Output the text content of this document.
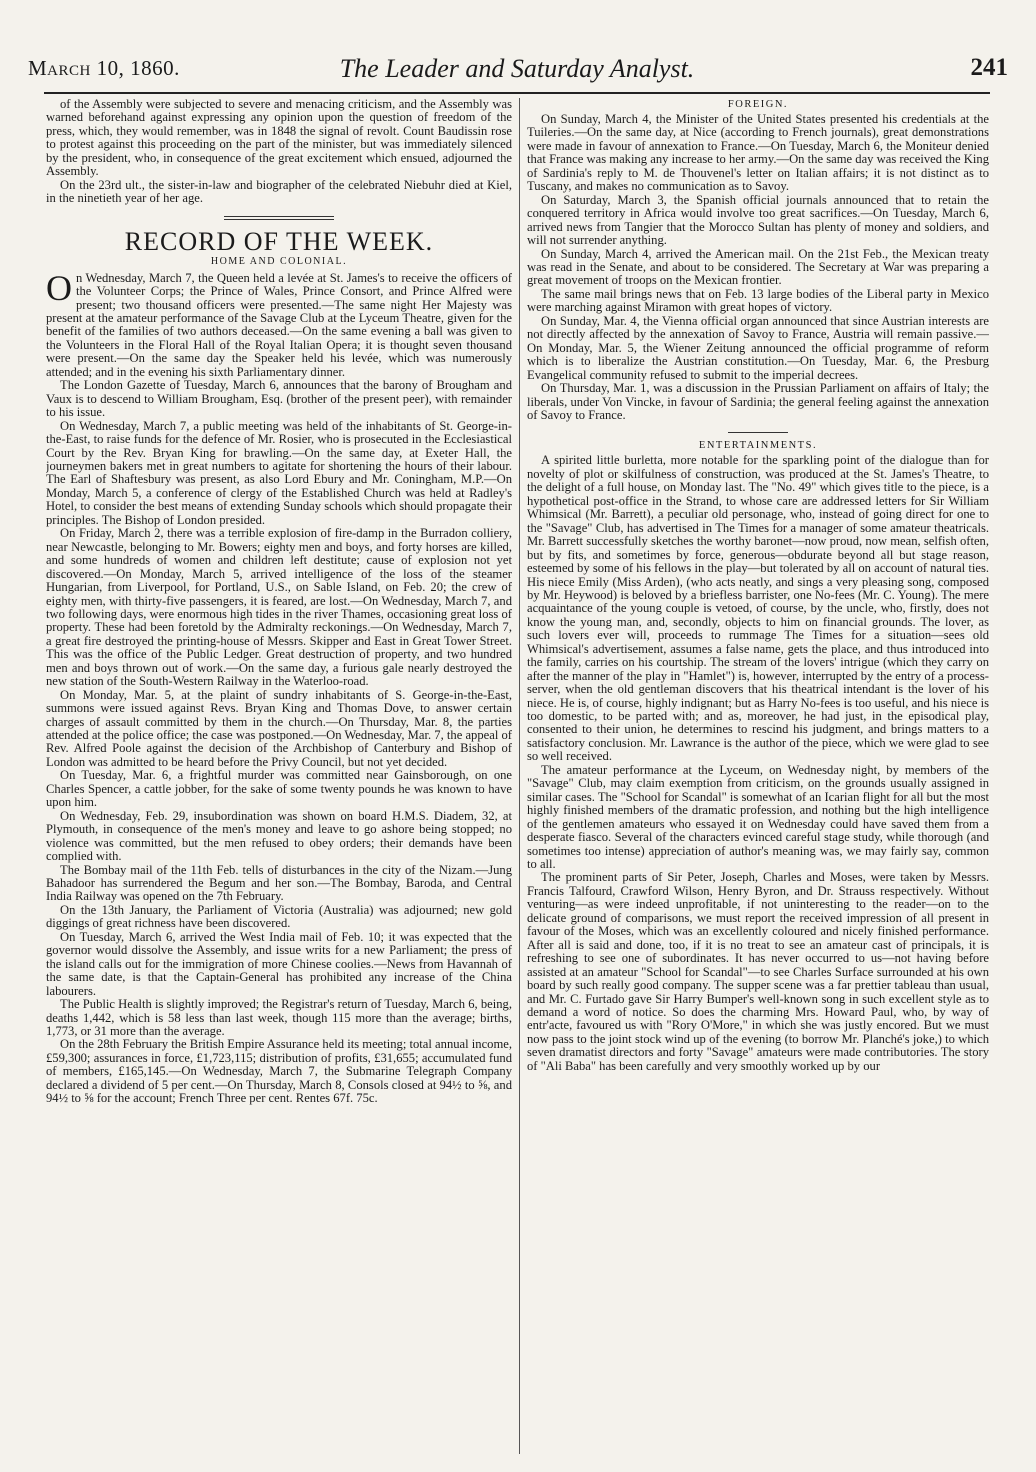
March 10, 1860.	The Leader and Saturday Analyst.	241

of the Assembly were subjected to severe and menacing criticism, and the Assembly was warned beforehand against expressing any opinion upon the question of freedom of the press, which, they would remember, was in 1848 the signal of revolt. Count Baudissin rose to protest against this proceeding on the part of the minister, but was immediately silenced by the president, who, in consequence of the great excitement which ensued, adjourned the Assembly.

On the 23rd ult., the sister-in-law and biographer of the celebrated Niebuhr died at Kiel, in the ninetieth year of her age.

RECORD OF THE WEEK.
HOME AND COLONIAL.

On Wednesday, March 7, the Queen held a levée at St. James's to receive the officers of the Volunteer Corps; the Prince of Wales, Prince Consort, and Prince Alfred were present; two thousand officers were presented.—The same night Her Majesty was present at the amateur performance of the Savage Club at the Lyceum Theatre, given for the benefit of the families of two authors deceased.—On the same evening a ball was given to the Volunteers in the Floral Hall of the Royal Italian Opera; it is thought seven thousand were present.—On the same day the Speaker held his levée, which was numerously attended; and in the evening his sixth Parliamentary dinner.

The London Gazette of Tuesday, March 6, announces that the barony of Brougham and Vaux is to descend to William Brougham, Esq. (brother of the present peer), with remainder to his issue.

On Wednesday, March 7, a public meeting was held of the inhabitants of St. George-in-the-East, to raise funds for the defence of Mr. Rosier, who is prosecuted in the Ecclesiastical Court by the Rev. Bryan King for brawling.—On the same day, at Exeter Hall, the journeymen bakers met in great numbers to agitate for shortening the hours of their labour. The Earl of Shaftesbury was present, as also Lord Ebury and Mr. Coningham, M.P.—On Monday, March 5, a conference of clergy of the Established Church was held at Radley's Hotel, to consider the best means of extending Sunday schools which should propagate their principles. The Bishop of London presided.

On Friday, March 2, there was a terrible explosion of fire-damp in the Burradon colliery, near Newcastle, belonging to Mr. Bowers; eighty men and boys, and forty horses are killed, and some hundreds of women and children left destitute; cause of explosion not yet discovered.—On Monday, March 5, arrived intelligence of the loss of the steamer Hungarian, from Liverpool, for Portland, U.S., on Sable Island, on Feb. 20; the crew of eighty men, with thirty-five passengers, it is feared, are lost.—On Wednesday, March 7, and two following days, were enormous high tides in the river Thames, occasioning great loss of property. These had been foretold by the Admiralty reckonings.—On Wednesday, March 7, a great fire destroyed the printing-house of Messrs. Skipper and East in Great Tower Street. This was the office of the Public Ledger. Great destruction of property, and two hundred men and boys thrown out of work.—On the same day, a furious gale nearly destroyed the new station of the South-Western Railway in the Waterloo-road.

On Monday, Mar. 5, at the plaint of sundry inhabitants of S. George-in-the-East, summons were issued against Revs. Bryan King and Thomas Dove, to answer certain charges of assault committed by them in the church.—On Thursday, Mar. 8, the parties attended at the police office; the case was postponed.—On Wednesday, Mar. 7, the appeal of Rev. Alfred Poole against the decision of the Archbishop of Canterbury and Bishop of London was admitted to be heard before the Privy Council, but not yet decided.

On Tuesday, Mar. 6, a frightful murder was committed near Gainsborough, on one Charles Spencer, a cattle jobber, for the sake of some twenty pounds he was known to have upon him.

On Wednesday, Feb. 29, insubordination was shown on board H.M.S. Diadem, 32, at Plymouth, in consequence of the men's money and leave to go ashore being stopped; no violence was committed, but the men refused to obey orders; their demands have been complied with.

The Bombay mail of the 11th Feb. tells of disturbances in the city of the Nizam.—Jung Bahadoor has surrendered the Begum and her son.—The Bombay, Baroda, and Central India Railway was opened on the 7th February.

On the 13th January, the Parliament of Victoria (Australia) was adjourned; new gold diggings of great richness have been discovered.

On Tuesday, March 6, arrived the West India mail of Feb. 10; it was expected that the governor would dissolve the Assembly, and issue writs for a new Parliament; the press of the island calls out for the immigration of more Chinese coolies.—News from Havannah of the same date, is that the Captain-General has prohibited any increase of the China labourers.

The Public Health is slightly improved; the Registrar's return of Tuesday, March 6, being, deaths 1,442, which is 58 less than last week, though 115 more than the average; births, 1,773, or 31 more than the average.

On the 28th February the British Empire Assurance held its meeting; total annual income, £59,300; assurances in force, £1,723,115; distribution of profits, £31,655; accumulated fund of members, £165,145.—On Wednesday, March 7, the Submarine Telegraph Company declared a dividend of 5 per cent.—On Thursday, March 8, Consols closed at 94½ to ⅝, and 94½ to ⅝ for the account; French Three per cent. Rentes 67f. 75c.

FOREIGN.

On Sunday, March 4, the Minister of the United States presented his credentials at the Tuileries.—On the same day, at Nice (according to French journals), great demonstrations were made in favour of annexation to France.—On Tuesday, March 6, the Moniteur denied that France was making any increase to her army.—On the same day was received the King of Sardinia's reply to M. de Thouvenel's letter on Italian affairs; it is not distinct as to Tuscany, and makes no communication as to Savoy.

On Saturday, March 3, the Spanish official journals announced that to retain the conquered territory in Africa would involve too great sacrifices.—On Tuesday, March 6, arrived news from Tangier that the Morocco Sultan has plenty of money and soldiers, and will not surrender anything.

On Sunday, March 4, arrived the American mail. On the 21st Feb., the Mexican treaty was read in the Senate, and about to be considered. The Secretary at War was preparing a great movement of troops on the Mexican frontier.

The same mail brings news that on Feb. 13 large bodies of the Liberal party in Mexico were marching against Miramon with great hopes of victory.

On Sunday, Mar. 4, the Vienna official organ announced that since Austrian interests are not directly affected by the annexation of Savoy to France, Austria will remain passive.—On Monday, Mar. 5, the Wiener Zeitung announced the official programme of reform which is to liberalize the Austrian constitution.—On Tuesday, Mar. 6, the Presburg Evangelical community refused to submit to the imperial decrees.

On Thursday, Mar. 1, was a discussion in the Prussian Parliament on affairs of Italy; the liberals, under Von Vincke, in favour of Sardinia; the general feeling against the annexation of Savoy to France.

ENTERTAINMENTS.

A spirited little burletta, more notable for the sparkling point of the dialogue than for novelty of plot or skilfulness of construction, was produced at the St. James's Theatre, to the delight of a full house, on Monday last. The "No. 49" which gives title to the piece, is a hypothetical post-office in the Strand, to whose care are addressed letters for Sir William Whimsical (Mr. Barrett), a peculiar old personage, who, instead of going direct for one to the "Savage" Club, has advertised in The Times for a manager of some amateur theatricals. Mr. Barrett successfully sketches the worthy baronet—now proud, now mean, selfish often, but by fits, and sometimes by force, generous—obdurate beyond all but stage reason, esteemed by some of his fellows in the play—but tolerated by all on account of natural ties. His niece Emily (Miss Arden), (who acts neatly, and sings a very pleasing song, composed by Mr. Heywood) is beloved by a briefless barrister, one No-fees (Mr. C. Young). The mere acquaintance of the young couple is vetoed, of course, by the uncle, who, firstly, does not know the young man, and, secondly, objects to him on financial grounds. The lover, as such lovers ever will, proceeds to rummage The Times for a situation—sees old Whimsical's advertisement, assumes a false name, gets the place, and thus introduced into the family, carries on his courtship. The stream of the lovers' intrigue (which they carry on after the manner of the play in "Hamlet") is, however, interrupted by the entry of a process-server, when the old gentleman discovers that his theatrical intendant is the lover of his niece. He is, of course, highly indignant; but as Harry No-fees is too useful, and his niece is too domestic, to be parted with; and as, moreover, he had just, in the episodical play, consented to their union, he determines to rescind his judgment, and brings matters to a satisfactory conclusion. Mr. Lawrance is the author of the piece, which we were glad to see so well received.

The amateur performance at the Lyceum, on Wednesday night, by members of the "Savage" Club, may claim exemption from criticism, on the grounds usually assigned in similar cases. The "School for Scandal" is somewhat of an Icarian flight for all but the most highly finished members of the dramatic profession, and nothing but the high intelligence of the gentlemen amateurs who essayed it on Wednesday could have saved them from a desperate fiasco. Several of the characters evinced careful stage study, while thorough (and sometimes too intense) appreciation of author's meaning was, we may fairly say, common to all.

The prominent parts of Sir Peter, Joseph, Charles and Moses, were taken by Messrs. Francis Talfourd, Crawford Wilson, Henry Byron, and Dr. Strauss respectively. Without venturing—as were indeed unprofitable, if not uninteresting to the reader—on to the delicate ground of comparisons, we must report the received impression of all present in favour of the Moses, which was an excellently coloured and nicely finished performance. After all is said and done, too, if it is no treat to see an amateur cast of principals, it is refreshing to see one of subordinates. It has never occurred to us—not having before assisted at an amateur "School for Scandal"—to see Charles Surface surrounded at his own board by such really good company. The supper scene was a far prettier tableau than usual, and Mr. C. Furtado gave Sir Harry Bumper's well-known song in such excellent style as to demand a word of notice. So does the charming Mrs. Howard Paul, who, by way of entr'acte, favoured us with "Rory O'More," in which she was justly encored. But we must now pass to the joint stock wind up of the evening (to borrow Mr. Planché's joke,) to which seven dramatist directors and forty "Savage" amateurs were made contributories. The story of "Ali Baba" has been carefully and very smoothly worked up by our
